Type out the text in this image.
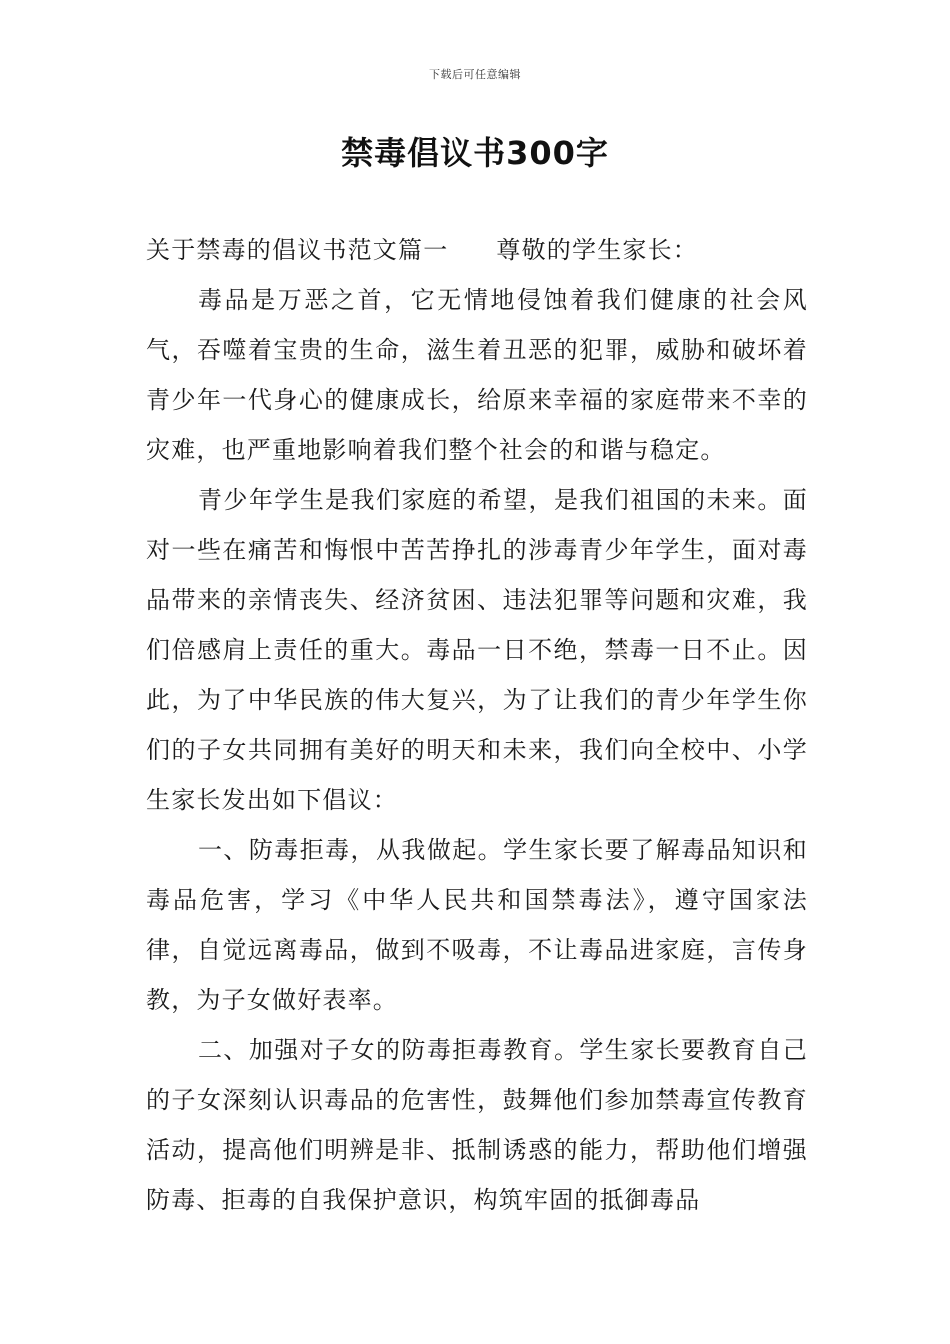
下载后可任意编辑
禁毒倡议书300字

关于禁毒的倡议书范文篇一 尊敬的学生家长：

毒品是万恶之首，它无情地侵蚀着我们健康的社会风气，吞噬着宝贵的生命，滋生着丑恶的犯罪，威胁和破坏着青少年一代身心的健康成长，给原来幸福的家庭带来不幸的灾难，也严重地影响着我们整个社会的和谐与稳定。

青少年学生是我们家庭的希望，是我们祖国的未来。面对一些在痛苦和悔恨中苦苦挣扎的涉毒青少年学生，面对毒品带来的亲情丧失、经济贫困、违法犯罪等问题和灾难，我们倍感肩上责任的重大。毒品一日不绝，禁毒一日不止。因此，为了中华民族的伟大复兴，为了让我们的青少年学生你们的子女共同拥有美好的明天和未来，我们向全校中、小学生家长发出如下倡议：

一、防毒拒毒，从我做起。学生家长要了解毒品知识和毒品危害，学习《中华人民共和国禁毒法》，遵守国家法律，自觉远离毒品，做到不吸毒，不让毒品进家庭，言传身教，为子女做好表率。

二、加强对子女的防毒拒毒教育。学生家长要教育自己的子女深刻认识毒品的危害性，鼓舞他们参加禁毒宣传教育活动，提高他们明辨是非、抵制诱惑的能力，帮助他们增强防毒、拒毒的自我保护意识，构筑牢固的抵御毒品
